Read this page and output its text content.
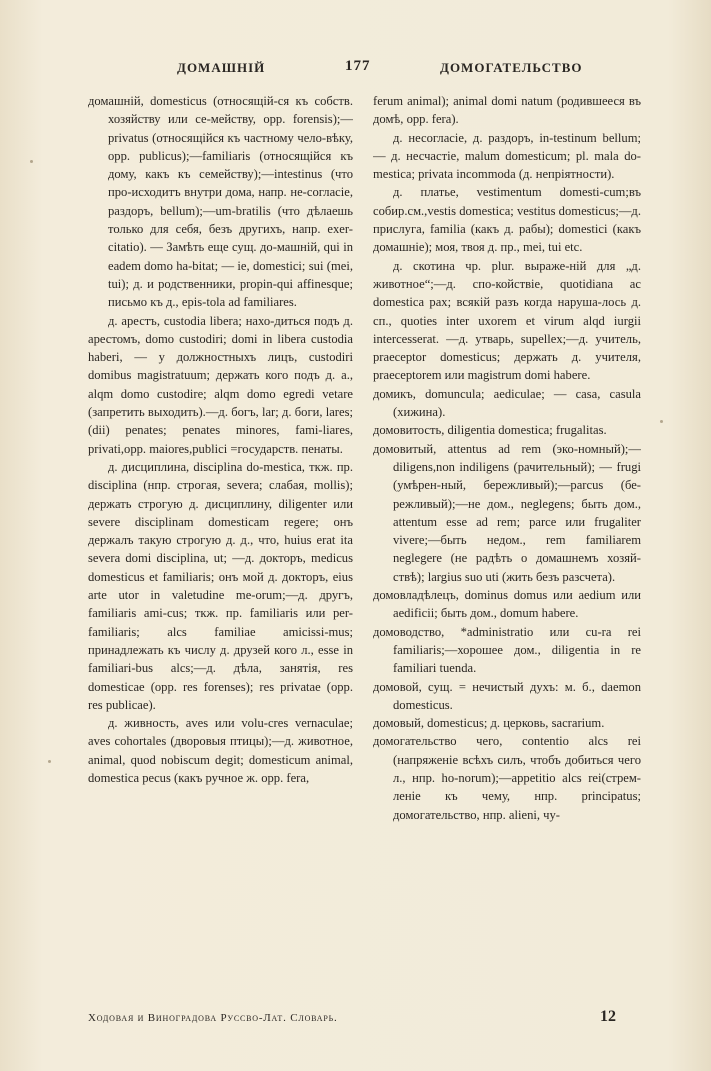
ДОМАШНІЙ	177	ДОМОГАТЕЛЬСТВО

домашній, domesticus (относящій-ся къ собств. хозяйству или се-мейству, opp. forensis);—privatus (относящійся къ частному чело-вѣку, opp. publicus);—familiaris (относящійся къ дому, какъ къ семейству);—intestinus (что про-исходитъ внутри дома, напр. не-согласіе, раздоръ, bellum);—um-bratilis (что дѣлаешь только для себя, безъ другихъ, напр. exer-citatio). — Замѣть еще сущ. до-машній, qui in eadem domo ha-bitat; — ie, domestici; sui (mei, tui); д. и родственники, propin-qui affinesque; письмо къ д., epis-tola ad familiares.

д. арестъ, custodia libera; нахо-диться подъ д. арестомъ, domo custodiri; domi in libera custodia haberi, — у должностныхъ лицъ, custodiri domibus magistratuum; держать кого подъ д. а., alqm domo custodire; alqm domo egredi vetare (запретить выходить).—д. богъ, lar; д. боги, lares; (dii) penates; penates minores, fami-liares, privati,opp. maiores,publici =государств. пенаты.

д. дисциплина, disciplina do-mestica, ткж. пр. disciplina (нпр. строгая, severa; слабая, mollis); держать строгую д. дисциплину, diligenter или severe disciplinam domesticam regere; онъ держалъ такую строгую д. д., что, huius erat ita severa domi disciplina, ut; —д. докторъ, medicus domesticus et familiaris; онъ мой д. докторъ, eius arte utor in valetudine me-orum;—д. другъ, familiaris ami-cus; ткж. пр. familiaris или per-familiaris; alcs familiae amicissi-mus; принадлежать къ числу д. друзей кого л., esse in familiari-bus alcs;—д. дѣла, занятія, res domesticae (opp. res forenses); res privatae (opp. res publicae).

д. живность, aves или volu-cres vernaculae; aves cohortales (дворовыя птицы);—д. животное, animal, quod nobiscum degit; domesticum animal, domestica pecus (какъ ручное ж. opp. fera,

ferum animal); animal domi natum (родившееся въ домѣ, opp. fera).

д. несогласіе, д. раздоръ, in-testinum bellum; — д. несчастіе, malum domesticum; pl. mala do-mestica; privata incommoda (д. непріятности).

д. платье, vestimentum domesti-cum;въ собир.см.,vestis domestica; vestitus domesticus;—д. прислуга, familia (какъ д. рабы); domestici (какъ домашніе); моя, твоя д. пр., mei, tui etc.

д. скотина чр. plur. выраже-ній для „д. животное“;—д. спо-койствіе, quotidiana ac domestica pax; всякій разъ когда наруша-лось д. сп., quoties inter uxorem et virum alqd iurgii intercesserat. —д. утварь, supellex;—д. учитель, praeceptor domesticus; держать д. учителя, praeceptorem или magistrum domi habere.

домикъ, domuncula; aediculae; — casa, casula (хижина).

домовитость, diligentia domestica; frugalitas.

домовитый, attentus ad rem (эко-номный);—diligens,non indiligens (рачительный); — frugi (умѣрен-ный, бережливый);—parcus (бе-режливый);—не дом., neglegens; быть дом., attentum esse ad rem; parce или frugaliter vivere;—быть недом., rem familiarem neglegere (не радѣть о домашнемъ хозяй-ствѣ); largius suo uti (жить безъ разсчета).

домовладѣлецъ, dominus domus или aedium или aedificii; быть дом., domum habere.

домоводство, *administratio или cu-ra rei familiaris;—хорошее дом., diligentia in re familiari tuenda.

домовой, сущ. = нечистый духъ: м. б., daemon domesticus.

домовый, domesticus; д. церковь, sacrarium.

домогательство чего, contentio alcs rei (напряженіе всѣхъ силъ, чтобъ добиться чего л., нпр. ho-norum);—appetitio alcs rei(стрем-леніе къ чему, нпр. principatus; домогательство, нпр. alieni, чу-

Ходовая и Виноградова Руссво-Лат. Словарь.	12
